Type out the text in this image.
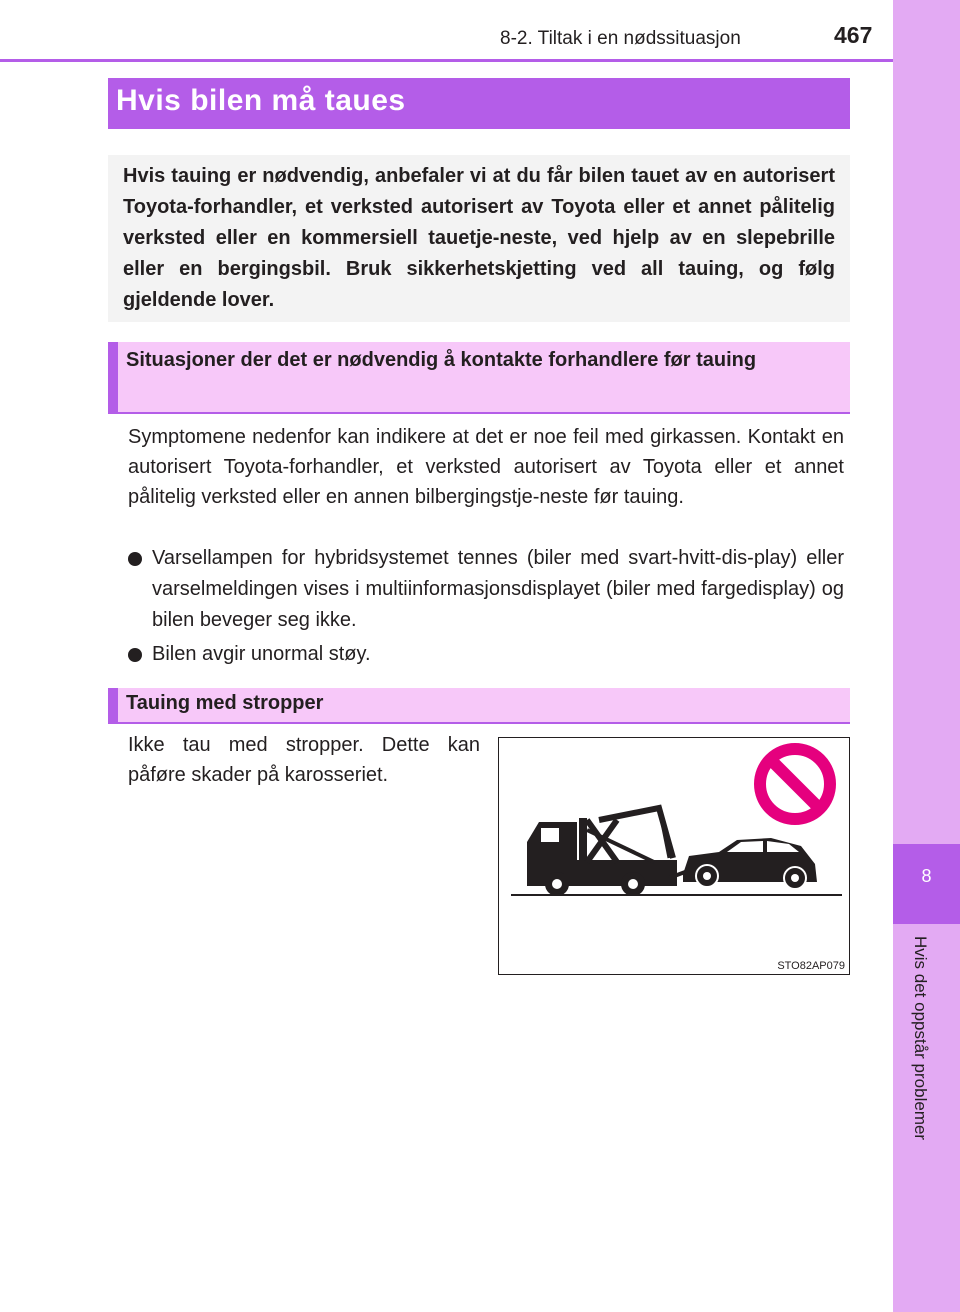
8
Hvis det oppstår problemer
8-2. Tiltak i en nødssituasjon	467
Hvis bilen må taues

Hvis tauing er nødvendig, anbefaler vi at du får bilen tauet av en autorisert Toyota-forhandler, et verksted autorisert av Toyota eller et annet pålitelig verksted eller en kommersiell tauetje-neste, ved hjelp av en slepebrille eller en bergingsbil. Bruk sikkerhetskjetting ved all tauing, og følg gjeldende lover.

Situasjoner der det er nødvendig å kontakte forhandlere før tauing

Symptomene nedenfor kan indikere at det er noe feil med girkassen. Kontakt en autorisert Toyota-forhandler, et verksted autorisert av Toyota eller et annet pålitelig verksted eller en annen bilbergingstje-neste før tauing.

Varsellampen for hybridsystemet tennes (biler med svart-hvitt-dis-play) eller varselmeldingen vises i multiinformasjonsdisplayet (biler med fargedisplay) og bilen beveger seg ikke.
Bilen avgir unormal støy.
Tauing med stropper

Ikke tau med stropper. Dette kan påføre skader på karosseriet.

STO82AP079
